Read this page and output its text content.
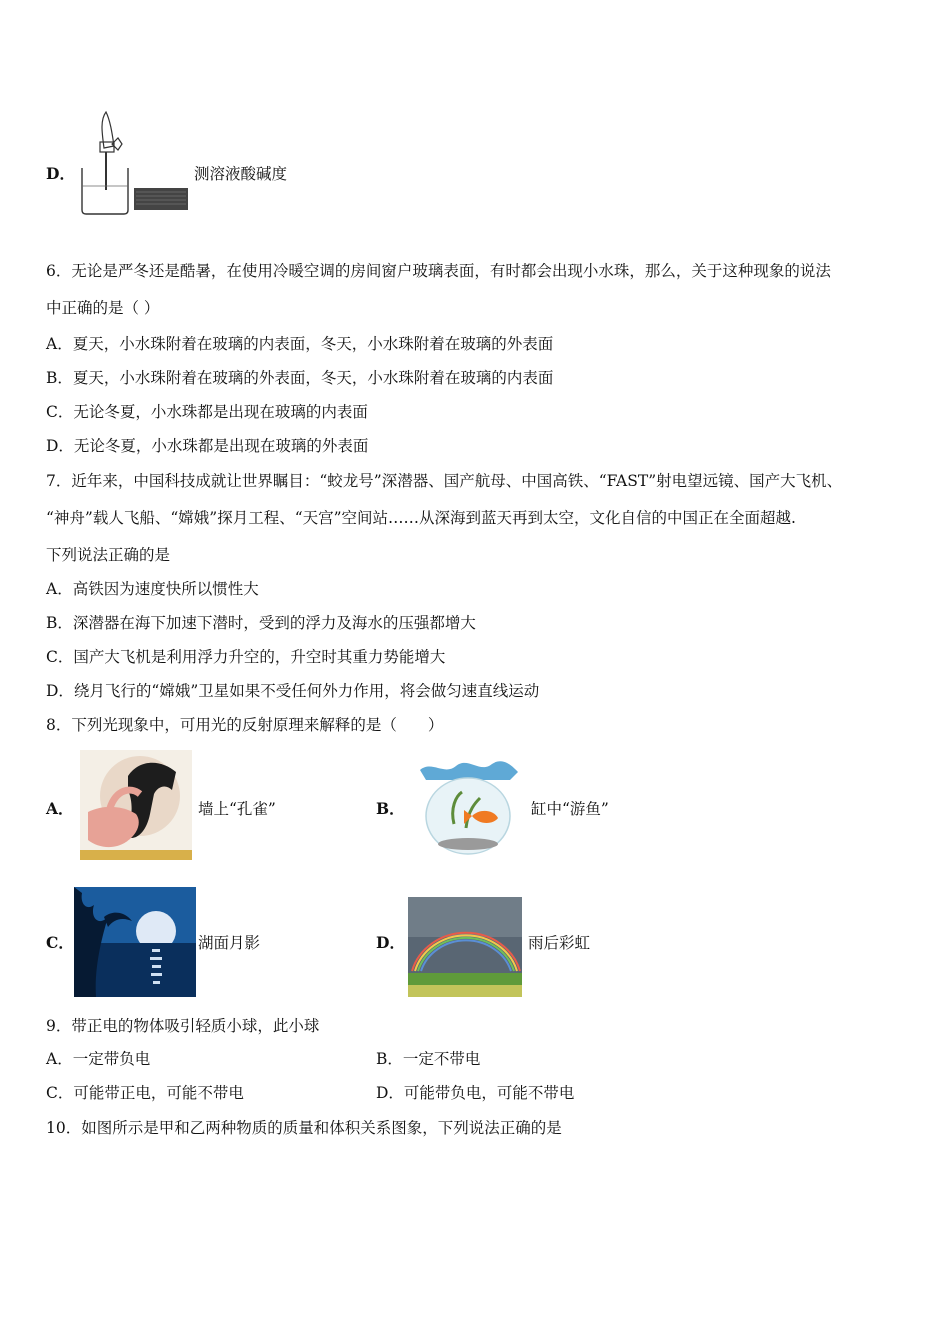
D．	测溶液酸碱度
6．无论是严冬还是酷暑，在使用冷暖空调的房间窗户玻璃表面，有时都会出现小水珠，那么，关于这种现象的说法
中正确的是（ ）
A．夏天，小水珠附着在玻璃的内表面，冬天，小水珠附着在玻璃的外表面
B．夏天，小水珠附着在玻璃的外表面，冬天，小水珠附着在玻璃的内表面
C．无论冬夏，小水珠都是出现在玻璃的内表面
D．无论冬夏，小水珠都是出现在玻璃的外表面
7．近年来，中国科技成就让世界瞩目：“蛟龙号”深潜器、国产航母、中国高铁、“FAST”射电望远镜、国产大飞机、
“神舟”载人飞船、“嫦娥”探月工程、“天宫”空间站……从深海到蓝天再到太空，文化自信的中国正在全面超越.
下列说法正确的是
A．高铁因为速度快所以惯性大
B．深潜器在海下加速下潜时，受到的浮力及海水的压强都增大
C．国产大飞机是利用浮力升空的，升空时其重力势能增大
D．绕月飞行的“嫦娥”卫星如果不受任何外力作用，将会做匀速直线运动
8．下列光现象中，可用光的反射原理来解释的是（　　）
A．	墙上“孔雀”	B．	缸中“游鱼”
C．	湖面月影	D．	雨后彩虹
9．带正电的物体吸引轻质小球，此小球
A．一定带负电	B．一定不带电
C．可能带正电，可能不带电	D．可能带负电，可能不带电
10．如图所示是甲和乙两种物质的质量和体积关系图象，下列说法正确的是
